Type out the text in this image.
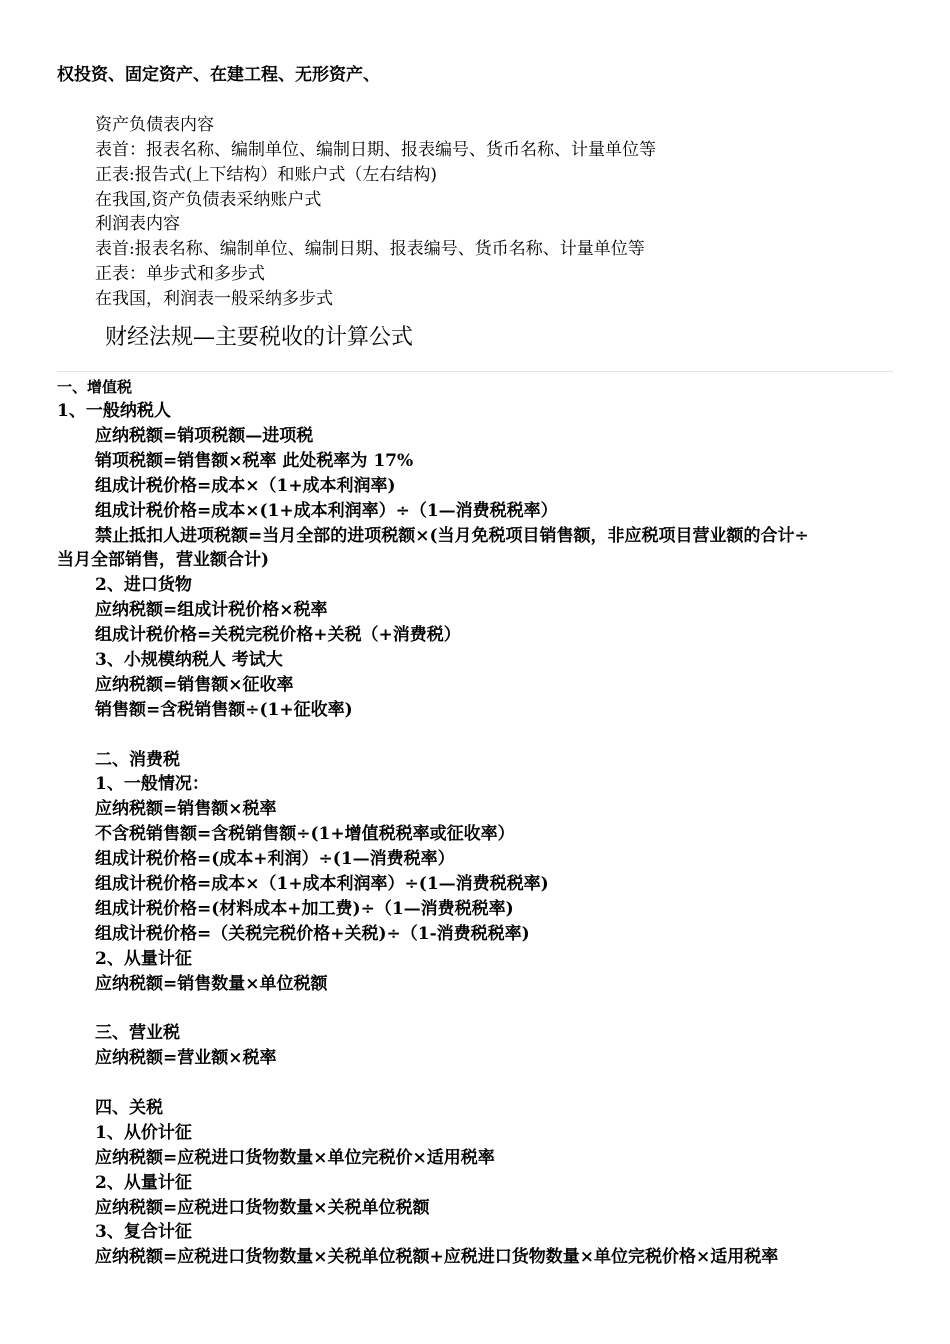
权投资、固定资产、在建工程、无形资产、
资产负债表内容
表首：报表名称、编制单位、编制日期、报表编号、货币名称、计量单位等
正表:报告式(上下结构）和账户式（左右结构)
在我国,资产负债表采纳账户式
利润表内容
表首:报表名称、编制单位、编制日期、报表编号、货币名称、计量单位等
正表：单步式和多步式
在我国，利润表一般采纳多步式
财经法规—主要税收的计算公式
一、增值税
1、一般纳税人
应纳税额=销项税额—进项税
销项税额=销售额×税率 此处税率为 17%
组成计税价格=成本×（1+成本利润率)
组成计税价格=成本×(1+成本利润率）÷（1—消费税税率）
禁止抵扣人进项税额=当月全部的进项税额×(当月免税项目销售额，非应税项目营业额的合计÷
当月全部销售，营业额合计)
2、进口货物
应纳税额=组成计税价格×税率
组成计税价格=关税完税价格+关税（+消费税）
3、小规模纳税人 考试大
应纳税额=销售额×征收率
销售额=含税销售额÷(1+征收率)
二、消费税
1、一般情况：
应纳税额=销售额×税率
不含税销售额=含税销售额÷(1+增值税税率或征收率）
组成计税价格=(成本+利润）÷(1—消费税率）
组成计税价格=成本×（1+成本利润率）÷(1—消费税税率)
组成计税价格=(材料成本+加工费)÷（1—消费税税率)
组成计税价格=（关税完税价格+关税)÷（1-消费税税率)
2、从量计征
应纳税额=销售数量×单位税额
三、营业税
应纳税额=营业额×税率
四、关税
1、从价计征
应纳税额=应税进口货物数量×单位完税价×适用税率
2、从量计征
应纳税额=应税进口货物数量×关税单位税额
3、复合计征
应纳税额=应税进口货物数量×关税单位税额+应税进口货物数量×单位完税价格×适用税率
